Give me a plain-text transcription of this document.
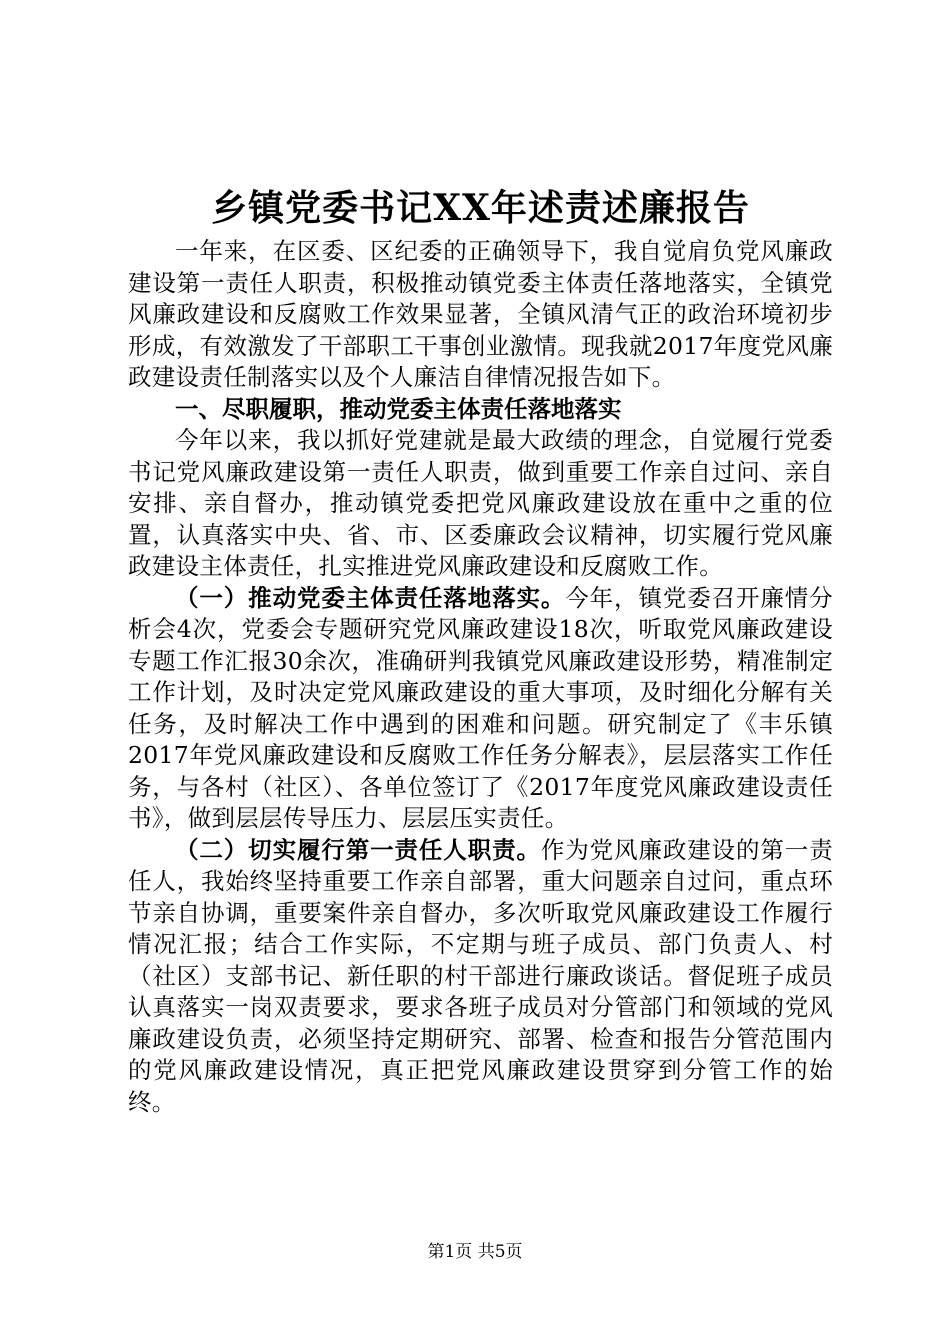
乡镇党委书记XX年述责述廉报告

一年来，在区委、区纪委的正确领导下，我自觉肩负党风廉政建设第一责任人职责，积极推动镇党委主体责任落地落实，全镇党风廉政建设和反腐败工作效果显著，全镇风清气正的政治环境初步形成，有效激发了干部职工干事创业激情。现我就2017年度党风廉政建设责任制落实以及个人廉洁自律情况报告如下。

一、尽职履职，推动党委主体责任落地落实

今年以来，我以抓好党建就是最大政绩的理念，自觉履行党委书记党风廉政建设第一责任人职责，做到重要工作亲自过问、亲自安排、亲自督办，推动镇党委把党风廉政建设放在重中之重的位置，认真落实中央、省、市、区委廉政会议精神，切实履行党风廉政建设主体责任，扎实推进党风廉政建设和反腐败工作。

（一）推动党委主体责任落地落实。今年，镇党委召开廉情分析会4次，党委会专题研究党风廉政建设18次，听取党风廉政建设专题工作汇报30余次，准确研判我镇党风廉政建设形势，精准制定工作计划，及时决定党风廉政建设的重大事项，及时细化分解有关任务，及时解决工作中遇到的困难和问题。研究制定了《丰乐镇2017年党风廉政建设和反腐败工作任务分解表》，层层落实工作任务，与各村（社区）、各单位签订了《2017年度党风廉政建设责任书》，做到层层传导压力、层层压实责任。

（二）切实履行第一责任人职责。作为党风廉政建设的第一责任人，我始终坚持重要工作亲自部署，重大问题亲自过问，重点环节亲自协调，重要案件亲自督办，多次听取党风廉政建设工作履行情况汇报；结合工作实际，不定期与班子成员、部门负责人、村（社区）支部书记、新任职的村干部进行廉政谈话。督促班子成员认真落实一岗双责要求，要求各班子成员对分管部门和领域的党风廉政建设负责，必须坚持定期研究、部署、检查和报告分管范围内的党风廉政建设情况，真正把党风廉政建设贯穿到分管工作的始终。

第1页 共5页
